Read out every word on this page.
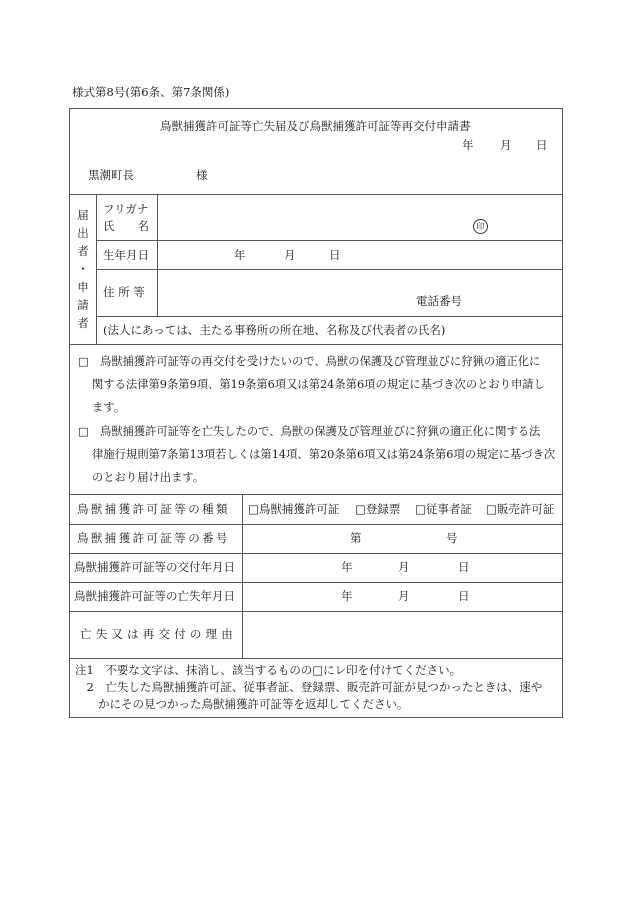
様式第8号(第6条、第7条関係)
鳥獣捕獲許可証等亡失届及び鳥獣捕獲許可証等再交付申請書
年 月 日
黒潮町長	様
届
出
者
・
申
請
者
フリガナ
氏　　名	印
生年月日	年	月	日
住 所 等
電話番号
(法人にあっては、主たる事務所の所在地、名称及び代表者の氏名)
□　鳥獣捕獲許可証等の再交付を受けたいので、鳥獣の保護及び管理並びに狩猟の適正化に
関する法律第9条第9項、第19条第6項又は第24条第6項の規定に基づき次のとおり申請し
ます。
□　鳥獣捕獲許可証等を亡失したので、鳥獣の保護及び管理並びに狩猟の適正化に関する法
律施行規則第7条第13項若しくは第14項、第20条第6項又は第24条第6項の規定に基づき次
のとおり届け出ます。
鳥獣捕獲許可証等の種類 □鳥獣捕獲許可証 □登録票 □従事者証 □販売許可証
鳥獣捕獲許可証等の番号	第	号
鳥獣捕獲許可証等の交付年月日	年	月	日
鳥獣捕獲許可証等の亡失年月日	年	月	日
亡失又は再交付の理由
注1　不要な文字は、抹消し、該当するものの□にレ印を付けてください。
　2　亡失した鳥獣捕獲許可証、従事者証、登録票、販売許可証が見つかったときは、速や
　　かにその見つかった鳥獣捕獲許可証等を返却してください。
